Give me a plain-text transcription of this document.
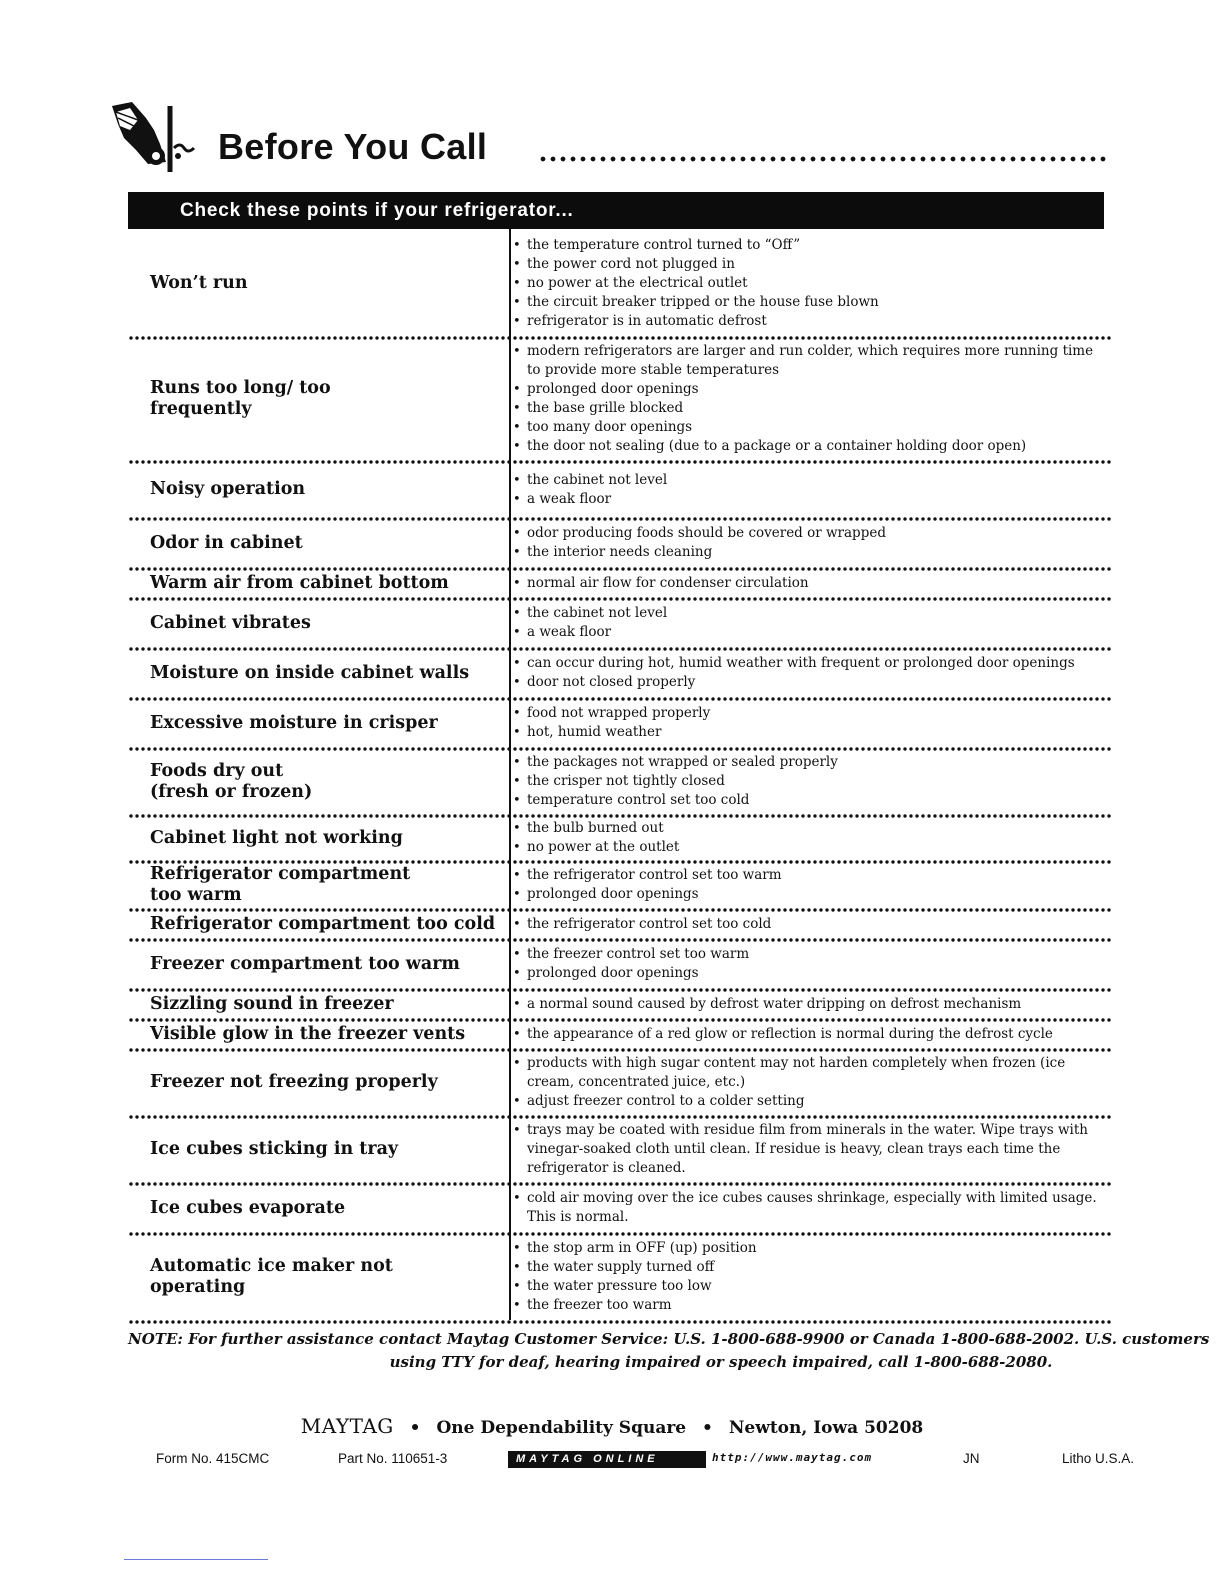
Before You Call
Check these points if your refrigerator...
Won’t run
• the temperature control turned to “Off”
• the power cord not plugged in
• no power at the electrical outlet
• the circuit breaker tripped or the house fuse blown
• refrigerator is in automatic defrost
Runs too long/ too
frequently
• modern refrigerators are larger and run colder, which requires more running time to provide more stable temperatures
• prolonged door openings
• the base grille blocked
• too many door openings
• the door not sealing (due to a package or a container holding door open)
Noisy operation	• the cabinet not level
• a weak floor
Odor in cabinet	• odor producing foods should be covered or wrapped
• the interior needs cleaning
Warm air from cabinet bottom	• normal air flow for condenser circulation
Cabinet vibrates	• the cabinet not level
• a weak floor
Moisture on inside cabinet walls	• can occur during hot, humid weather with frequent or prolonged door openings
• door not closed properly
Excessive moisture in crisper	• food not wrapped properly
• hot, humid weather
Foods dry out
(fresh or frozen)
• the packages not wrapped or sealed properly
• the crisper not tightly closed
• temperature control set too cold
Cabinet light not working	• the bulb burned out
• no power at the outlet
Refrigerator compartment
too warm
• the refrigerator control set too warm
• prolonged door openings
Refrigerator compartment too cold	• the refrigerator control set too cold
Freezer compartment too warm	• the freezer control set too warm
• prolonged door openings
Sizzling sound in freezer	• a normal sound caused by defrost water dripping on defrost mechanism
Visible glow in the freezer vents	• the appearance of a red glow or reflection is normal during the defrost cycle
Freezer not freezing properly
• products with high sugar content may not harden completely when frozen (ice cream, concentrated juice, etc.)
• adjust freezer control to a colder setting
Ice cubes sticking in tray
• trays may be coated with residue film from minerals in the water. Wipe trays with vinegar-soaked cloth until clean. If residue is heavy, clean trays each time the refrigerator is cleaned.
Ice cubes evaporate	• cold air moving over the ice cubes causes shrinkage, especially with limited usage. This is normal.
Automatic ice maker not
operating
• the stop arm in OFF (up) position
• the water supply turned off
• the water pressure too low
• the freezer too warm
NOTE: For further assistance contact Maytag Customer Service: U.S. 1-800-688-9900 or Canada 1-800-688-2002. U.S. customers
using TTY for deaf, hearing impaired or speech impaired, call 1-800-688-2080.
MAYTAG • One Dependability Square • Newton, Iowa 50208
Form No. 415CMC	Part No. 110651-3	MAYTAG ONLINE	http://www.maytag.com	JN	Litho U.S.A.
